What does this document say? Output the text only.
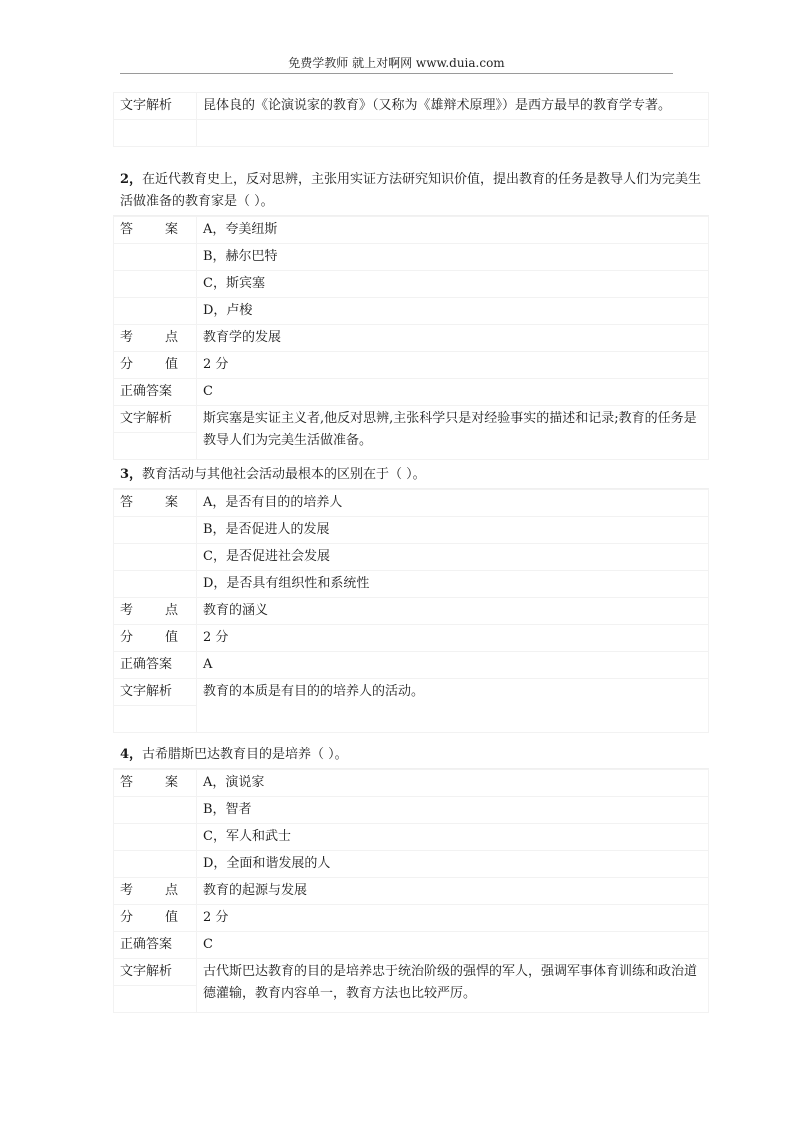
免费学教师 就上对啊网 www.duia.com
文字解析	昆体良的《论演说家的教育》（又称为《雄辩术原理》）是西方最早的教育学专著。

2，在近代教育史上，反对思辨，主张用实证方法研究知识价值，提出教育的任务是教导人们为完美生活做准备的教育家是（ ）。
答案	A，夸美纽斯
	B，赫尔巴特
	C，斯宾塞
	D，卢梭

考点	教育学的发展

分值	2 分

正确答案	C

文字解析	斯宾塞是实证主义者,他反对思辨,主张科学只是对经验事实的描述和记录;教育的任务是教导人们为完美生活做准备。

3，教育活动与其他社会活动最根本的区别在于（ ）。
答案	A，是否有目的的培养人
	B，是否促进人的发展
	C，是否促进社会发展
	D，是否具有组织性和系统性

考点	教育的涵义

分值	2 分

正确答案	A

文字解析	教育的本质是有目的的培养人的活动。

4，古希腊斯巴达教育目的是培养（ ）。
答案	A，演说家
	B，智者
	C，军人和武士
	D，全面和谐发展的人

考点	教育的起源与发展

分值	2 分

正确答案	C

文字解析	古代斯巴达教育的目的是培养忠于统治阶级的强悍的军人，强调军事体育训练和政治道德灌输，教育内容单一，教育方法也比较严厉。
